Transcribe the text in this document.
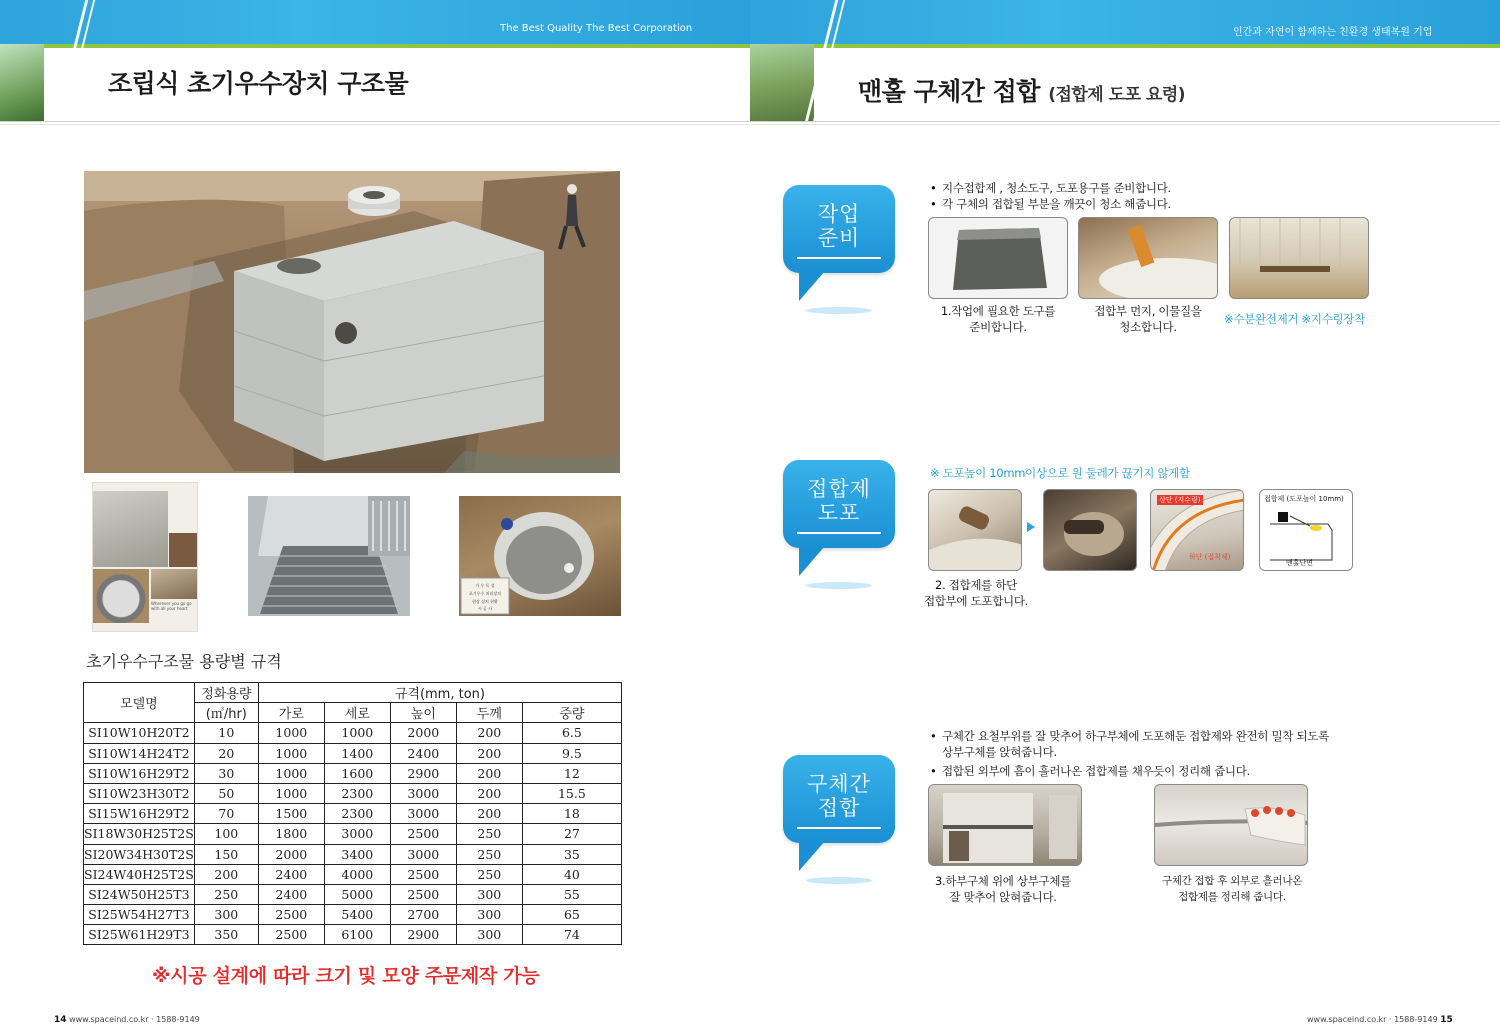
The Best Quality The Best Corporation
조립식 초기우수장치 구조물
Wherever you go go with all your heart
가 우 독 설
초기우수 처리장치
현장 설치 현황
시 공 사
초기우수구조물 용량별 규격
모델명	정화용량	규격(mm, ton)				
	(㎥/hr)	가로	세로	높이	두께	중량
SI10W10H20T2	10	1000	1000	2000	200	6.5
SI10W14H24T2	20	1000	1400	2400	200	9.5
SI10W16H29T2	30	1000	1600	2900	200	12
SI10W23H30T2	50	1000	2300	3000	200	15.5
SI15W16H29T2	70	1500	2300	3000	200	18
SI18W30H25T2S	100	1800	3000	2500	250	27
SI20W34H30T2S	150	2000	3400	3000	250	35
SI24W40H25T2S	200	2400	4000	2500	250	40
SI24W50H25T3	250	2400	5000	2500	300	55
SI25W54H27T3	300	2500	5400	2700	300	65
SI25W61H29T3	350	2500	6100	2900	300	74
※시공 설계에 따라 크기 및 모양 주문제작 가능
14 www.spaceind.co.kr · 1588-9149
인간과 자연이 함께하는 친환경 생태복원 기업
맨홀 구체간 접합 (접합제 도포 요령)
작업
준비
• 지수접합제 , 청소도구, 도포용구를 준비합니다.
• 각 구체의 접합될 부분을 깨끗이 청소 해줍니다.
1.작업에 필요한 도구를
준비합니다.
접합부 먼지, 이물질을
청소합니다.
※수분완전제거 ※지수링장착
접합제
도포
※ 도포높이 10mm이상으로 원 둘레가 끊기지 않게함
상단 (지수링)
하단 (접착제)
접합제 (도포높이 10mm)
맨홀단면
2. 접합제를 하단
접합부에 도포합니다.
구체간
접합
• 구체간 요철부위를 잘 맞추어 하구부체에 도포해둔 접합제와 완전히 밀착 되도록
상부구체를 앉혀줍니다.
• 접합된 외부에 흠이 흘러나온 접합제를 채우듯이 정리해 줍니다.
3.하부구체 위에 상부구체를
잘 맞추어 앉혀줍니다.
구체간 접합 후 외부로 흘러나온
접합제를 정리해 줍니다.
www.spaceind.co.kr · 1588-9149 15
